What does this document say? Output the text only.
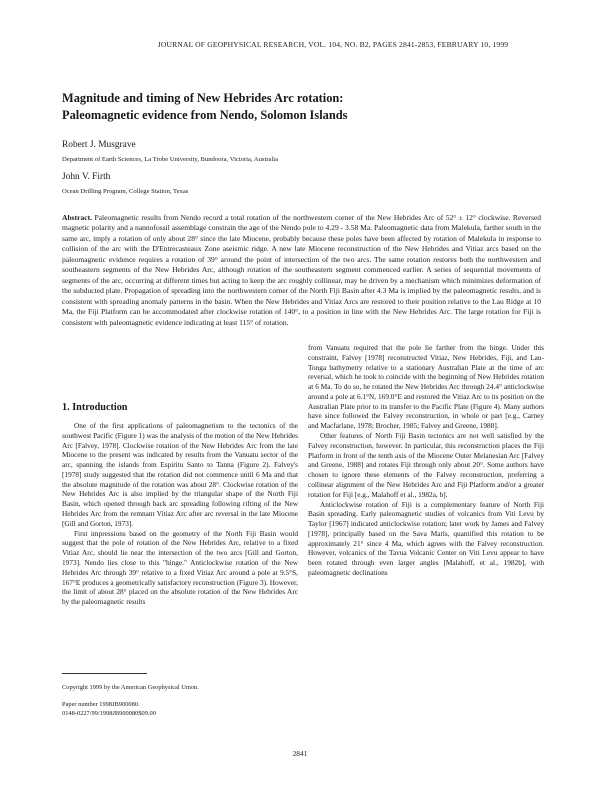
JOURNAL OF GEOPHYSICAL RESEARCH, VOL. 104, NO. B2, PAGES 2841-2853, FEBRUARY 10, 1999
Magnitude and timing of New Hebrides Arc rotation:
Paleomagnetic evidence from Nendo, Solomon Islands
Robert J. Musgrave
Department of Earth Sciences, La Trobe University, Bundoora, Victoria, Australia
John V. Firth
Ocean Drilling Program, College Station, Texas
Abstract. Paleomagnetic results from Nendo record a total rotation of the northwestern corner of the New Hebrides Arc of 52° ± 12° clockwise. Reversed magnetic polarity and a nannofossil assemblage constrain the age of the Nendo pole to 4.29 - 3.58 Ma. Paleomagnetic data from Malekula, farther south in the same arc, imply a rotation of only about 28° since the late Miocene, probably because these poles have been affected by rotation of Malekula in response to collision of the arc with the D'Entrecasteaux Zone aseismic ridge. A new late Miocene reconstruction of the New Hebrides and Vitiaz arcs based on the paleomagnetic evidence requires a rotation of 39° around the point of intersection of the two arcs. The same rotation restores both the northwestern and southeastern segments of the New Hebrides Arc, although rotation of the southeastern segment commenced earlier. A series of sequential movements of segments of the arc, occurring at different times but acting to keep the arc roughly collinear, may be driven by a mechanism which minimizes deformation of the subducted plate. Propagation of spreading into the northwestern corner of the North Fiji Basin after 4.3 Ma is implied by the paleomagnetic results, and is consistent with spreading anomaly patterns in the basin. When the New Hebrides and Vitiaz Arcs are restored to their position relative to the Lau Ridge at 10 Ma, the Fiji Platform can be accommodated after clockwise rotation of 140°, to a position in line with the New Hebrides Arc. The large rotation for Fiji is consistent with paleomagnetic evidence indicating at least 115° of rotation.
1. Introduction

One of the first applications of paleomagnetism to the tectonics of the southwest Pacific (Figure 1) was the analysis of the motion of the New Hebrides Arc [Falvey, 1978]. Clockwise rotation of the New Hebrides Arc from the late Miocene to the present was indicated by results from the Vanuatu sector of the arc, spanning the islands from Espiritu Santo to Tanna (Figure 2). Falvey's [1978] study suggested that the rotation did not commence until 6 Ma and that the absolute magnitude of the rotation was about 28°. Clockwise rotation of the New Hebrides Arc is also implied by the triangular shape of the North Fiji Basin, which opened through back arc spreading following rifting of the New Hebrides Arc from the remnant Vitiaz Arc after arc reversal in the late Miocene [Gill and Gorton, 1973].

First impressions based on the geometry of the North Fiji Basin would suggest that the pole of rotation of the New Hebrides Arc, relative to a fixed Vitiaz Arc, should lie near the intersection of the two arcs [Gill and Gorton, 1973]. Nendo lies close to this "hinge." Anticlockwise rotation of the New Hebrides Arc through 39° relative to a fixed Vitiaz Arc around a pole at 9.5°S, 167°E produces a geometrically satisfactory reconstruction (Figure 3). However, the limit of about 28° placed on the absolute rotation of the New Hebrides Arc by the paleomagnetic results

Copyright 1999 by the American Geophysical Union.
Paper number 1998JB900080.
0148-0227/99/1998JB900080$09.00

from Vanuatu required that the pole lie farther from the hinge. Under this constraint, Falvey [1978] reconstructed Vitiaz, New Hebrides, Fiji, and Lau-Tonga bathymetry relative to a stationary Australian Plate at the time of arc reversal, which he took to coincide with the beginning of New Hebrides rotation at 6 Ma. To do so, he rotated the New Hebrides Arc through 24.4° anticlockwise around a pole at 6.1°N, 169.0°E and restored the Vitiaz Arc to its position on the Australian Plate prior to its transfer to the Pacific Plate (Figure 4). Many authors have since followed the Falvey reconstruction, in whole or part [e.g., Carney and Macfarlane, 1978; Brocher, 1985; Falvey and Greene, 1988].

Other features of North Fiji Basin tectonics are not well satisfied by the Falvey reconstruction, however. In particular, this reconstruction places the Fiji Platform in front of the tenth axis of the Miocene Outer Melanesian Arc [Falvey and Greene, 1988] and rotates Fiji through only about 20°. Some authors have chosen to ignore these elements of the Falvey reconstruction, preferring a collinear alignment of the New Hebrides Arc and Fiji Platform and/or a greater rotation for Fiji [e.g., Malahoff et al., 1982a, b].

Anticlockwise rotation of Fiji is a complementary feature of North Fiji Basin spreading. Early paleomagnetic studies of volcanics from Viti Levu by Taylor [1967] indicated anticlockwise rotation; later work by James and Falvey [1978], principally based on the Sava Marls, quantified this rotation to be approximately 21° since 4 Ma, which agrees with the Falvey reconstruction. However, volcanics of the Tavua Volcanic Center on Viti Levu appear to have been rotated through even larger angles [Malahoff, et al., 1982b], with paleomagnetic declinations

2841
